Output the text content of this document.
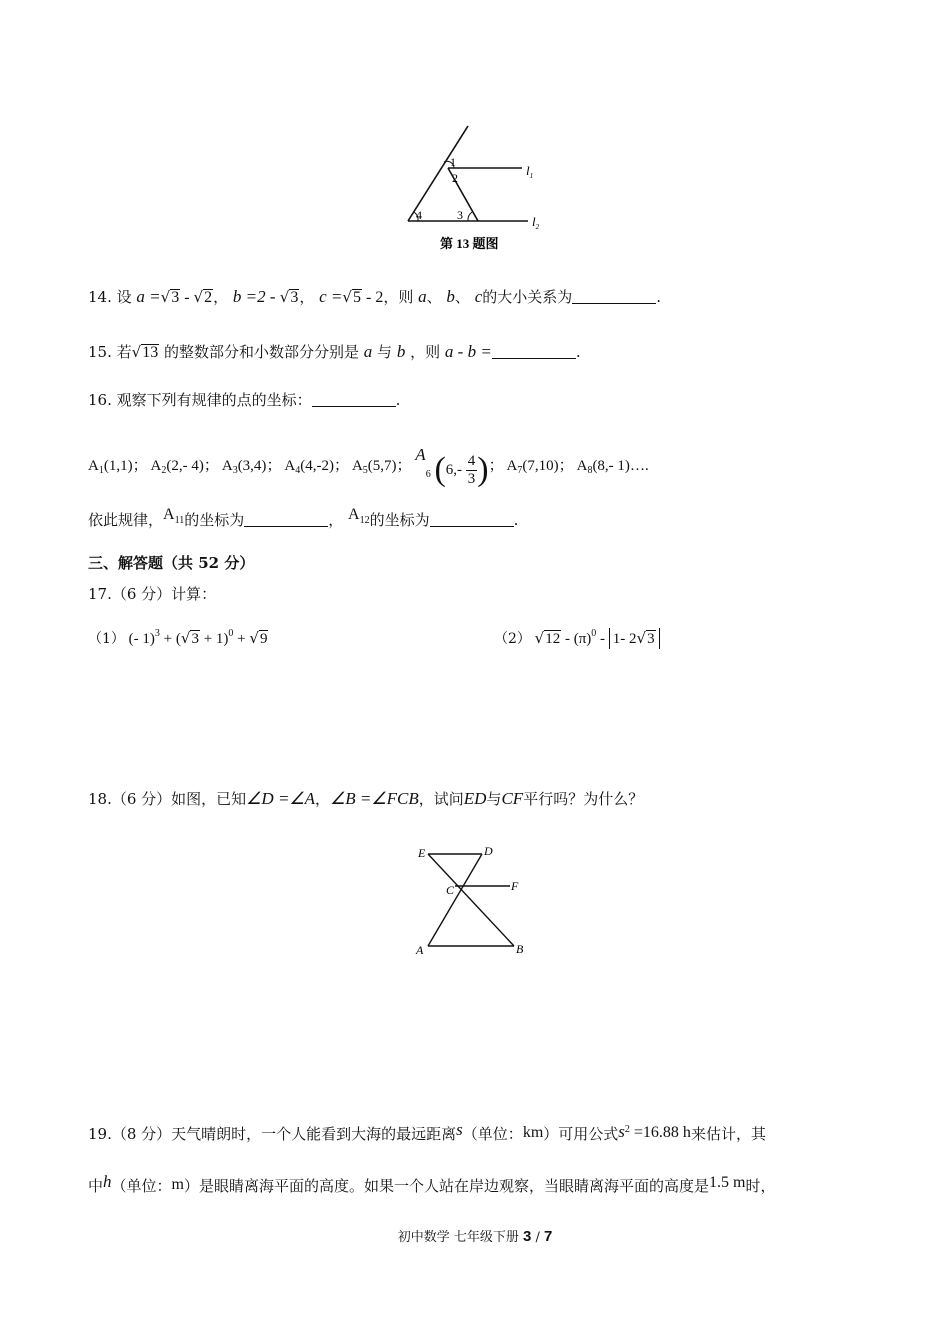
1
2
4	3
$l_1$
$l_2$
第 13 题图
14. 设 a =√3 - √2， b =2 - √3， c =√5 - 2，则 a、 b、 c的大小关系为	.
15. 若√13 的整数部分和小数部分分别是 a 与 b ，则 a - b =	.
16. 观察下列有规律的点的坐标：	.
$A_1(1,1)$； $A_2(2,-$ 4)； $A_3(3,4)$； $A_4(4,-2)$； $A_5(5,7)$； $A_6$ ($6,- \frac{4}{3}$ )； $A_7(7,10)$； $A_8(8,-$ 1)….
依此规律，$A^{11}$的坐标为	， $A^{12}$的坐标为	.
三、解答题（共 52 分）
17.（6 分）计算：
（1） (- $1)^3 + (√3 + 1)^0 + √9$	（2） $√12 - (\pi)^0 - 1-$ 2√3
18.（6 分）如图，已知∠D =∠A，∠B =∠FCB，试问ED与CF平行吗？为什么？
E	D
C	F
A	B
19.（8 分）天气晴朗时，一个人能看到大海的最远距离s（单位：km）可用公式$s^2 =16.88$ h来估计，其
中h（单位：m）是眼睛离海平面的高度。如果一个人站在岸边观察，当眼睛离海平面的高度是1.5 m时，
初中数学 七年级下册 3 / 7
